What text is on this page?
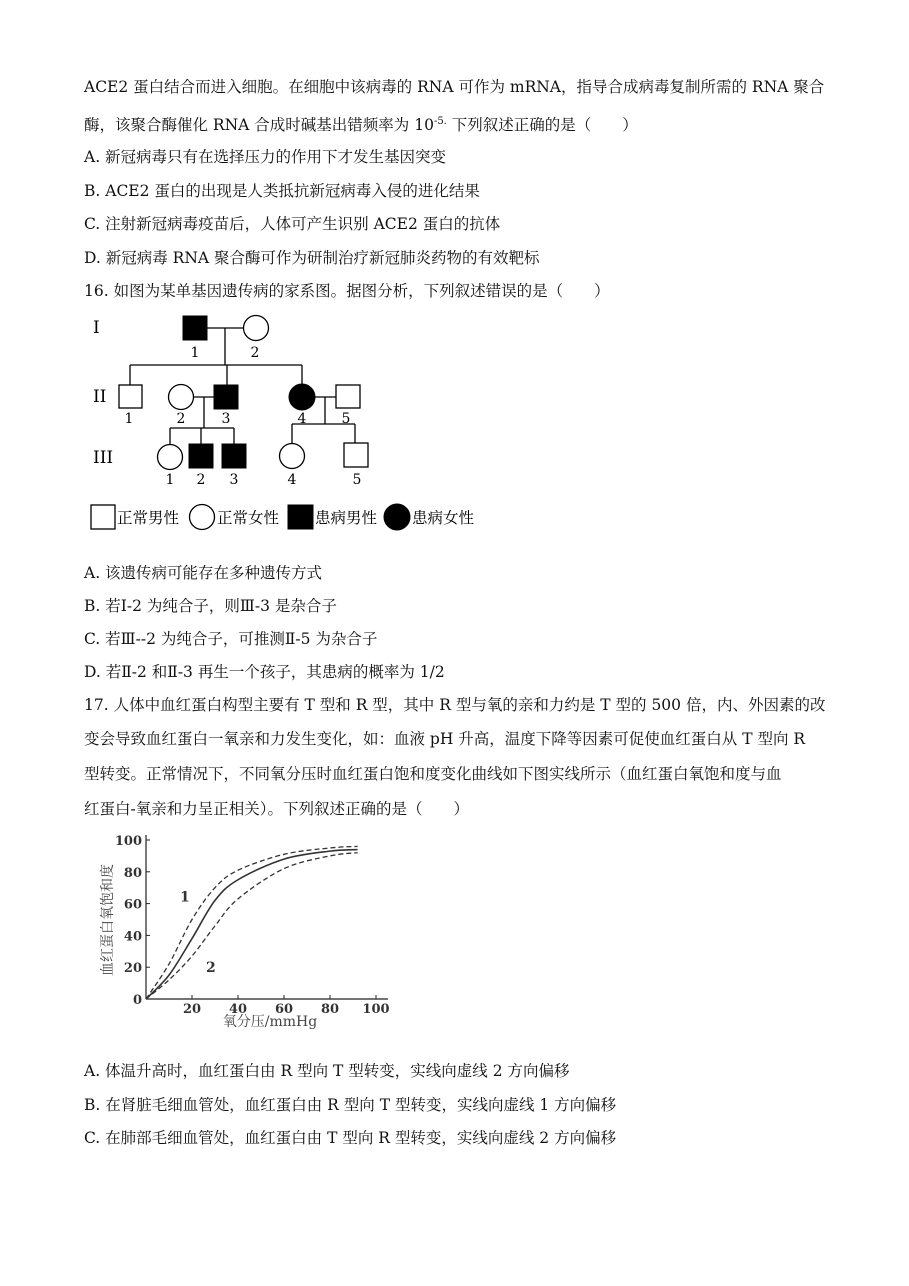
ACE2 蛋白结合而进入细胞。在细胞中该病毒的 RNA 可作为 mRNA，指导合成病毒复制所需的 RNA 聚合
酶，该聚合酶催化 RNA 合成时碱基出错频率为 $10^{-5.}$ 下列叙述正确的是（　　）
A. 新冠病毒只有在选择压力的作用下才发生基因突变
B. ACE2 蛋白的出现是人类抵抗新冠病毒入侵的进化结果
C. 注射新冠病毒疫苗后，人体可产生识别 ACE2 蛋白的抗体
D. 新冠病毒 RNA 聚合酶可作为研制治疗新冠肺炎药物的有效靶标
16. 如图为某单基因遗传病的家系图。据图分析，下列叙述错误的是（　　）
I
II
III
1	2
1	2	3	4	5
1 2 3	4	5
正常男性 正常女性 患病男性 患病女性
A. 该遗传病可能存在多种遗传方式
B. 若Ⅰ-2 为纯合子，则Ⅲ-3 是杂合子
C. 若Ⅲ--2 为纯合子，可推测Ⅱ-5 为杂合子
D. 若Ⅱ-2 和Ⅱ-3 再生一个孩子，其患病的概率为 1/2
17. 人体中血红蛋白构型主要有 T 型和 R 型，其中 R 型与氧的亲和力约是 T 型的 500 倍，内、外因素的改
变会导致血红蛋白一氧亲和力发生变化，如：血液 pH 升高，温度下降等因素可促使血红蛋白从 T 型向 R
型转变。正常情况下，不同氧分压时血红蛋白饱和度变化曲线如下图实线所示（血红蛋白氧饱和度与血
红蛋白-氧亲和力呈正相关）。下列叙述正确的是（　　）
0
20
40
60
80
100
20 40 60 80 100
1
2
血红蛋白氧饱和度
氧分压/mmHg
A. 体温升高时，血红蛋白由 R 型向 T 型转变，实线向虚线 2 方向偏移
B. 在肾脏毛细血管处，血红蛋白由 R 型向 T 型转变，实线向虚线 1 方向偏移
C. 在肺部毛细血管处，血红蛋白由 T 型向 R 型转变，实线向虚线 2 方向偏移
